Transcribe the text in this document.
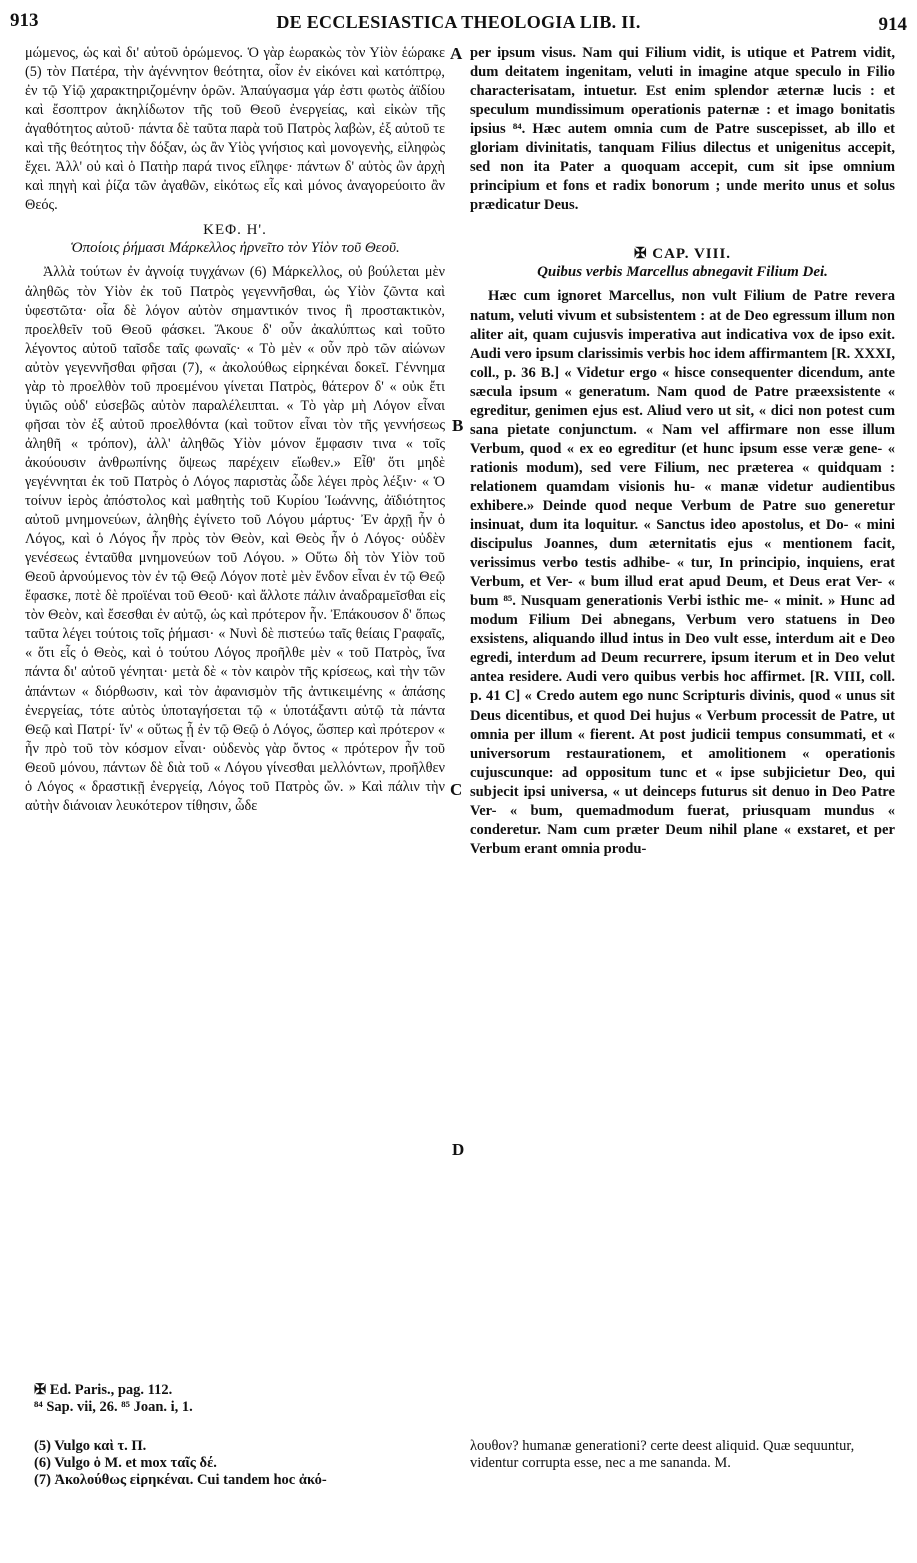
913	DE ECCLESIASTICA THEOLOGIA LIB. II.	914
A
B
C
D

μώμενος, ὡς καὶ δι' αὐτοῦ ὁρώμενος. Ὁ γὰρ ἑωρακὼς τὸν Υἱὸν ἑώρακε (5) τὸν Πατέρα, τὴν ἀγέννητον θεότητα, οἷον ἐν εἰκόνει καὶ κατόπτρῳ, ἐν τῷ Υἱῷ χαρακτηριζομένην ὁρῶν. Ἀπαύγασμα γάρ ἐστι φωτὸς ἀϊδίου καὶ ἔσοπτρον ἀκηλίδωτον τῆς τοῦ Θεοῦ ἐνεργείας, καὶ εἰκὼν τῆς ἀγαθότητος αὐτοῦ· πάντα δὲ ταῦτα παρὰ τοῦ Πατρὸς λαβὼν, ἐξ αὐτοῦ τε καὶ τῆς θεότητος τὴν δόξαν, ὡς ἂν Υἱὸς γνήσιος καὶ μονογενὴς, εἰληφὼς ἔχει. Ἀλλ' οὐ καὶ ὁ Πατὴρ παρά τινος εἴληφε· πάντων δ' αὐτὸς ὢν ἀρχὴ καὶ πηγὴ καὶ ῥίζα τῶν ἀγαθῶν, εἰκότως εἷς καὶ μόνος ἀναγορεύοιτο ἂν Θεός.

ΚΕΦ. Η'.

Ὁποίοις ῥήμασι Μάρκελλος ἠρνεῖτο τὸν Υἱὸν τοῦ Θεοῦ.

Ἀλλὰ τούτων ἐν ἀγνοίᾳ τυγχάνων (6) Μάρκελλος, οὐ βούλεται μὲν ἀληθῶς τὸν Υἱὸν ἐκ τοῦ Πατρὸς γεγεννῆσθαι, ὡς Υἱὸν ζῶντα καὶ ὑφεστῶτα· οἷα δὲ λόγον αὐτὸν σημαντικόν τινος ἢ προστακτικὸν, προελθεῖν τοῦ Θεοῦ φάσκει. Ἄκουε δ' οὖν ἀκαλύπτως καὶ τοῦτο λέγοντος αὐτοῦ ταῖσδε ταῖς φωναῖς· « Τὸ μὲν « οὖν πρὸ τῶν αἰώνων αὐτὸν γεγεννῆσθαι φῆσαι (7), « ἀκολούθως εἰρηκέναι δοκεῖ. Γέννημα γὰρ τὸ προελθὸν τοῦ προεμένου γίνεται Πατρὸς, θάτερον δ' « οὐκ ἔτι ὑγιῶς οὐδ' εὐσεβῶς αὐτὸν παραλέλειπται. « Τὸ γὰρ μὴ Λόγον εἶναι φῆσαι τὸν ἐξ αὐτοῦ προελθόντα (καὶ τοῦτον εἶναι τὸν τῆς γεννήσεως ἀληθῆ « τρόπον), ἀλλ' ἀληθῶς Υἱὸν μόνον ἔμφασιν τινα « τοῖς ἀκούουσιν ἀνθρωπίνης ὄψεως παρέχειν εἴωθεν.» Εἶθ' ὅτι μηδὲ γεγέννηται ἐκ τοῦ Πατρὸς ὁ Λόγος παριστὰς ὧδε λέγει πρὸς λέξιν· « Ὁ τοίνυν ἱερὸς ἀπόστολος καὶ μαθητὴς τοῦ Κυρίου Ἰωάννης, ἀϊδιότητος αὐτοῦ μνημονεύων, ἀληθὴς ἐγίνετο τοῦ Λόγου μάρτυς· Ἐν ἀρχῇ ἦν ὁ Λόγος, καὶ ὁ Λόγος ἦν πρὸς τὸν Θεὸν, καὶ Θεὸς ἦν ὁ Λόγος· οὐδὲν γενέσεως ἐνταῦθα μνημονεύων τοῦ Λόγου. » Οὕτω δὴ τὸν Υἱὸν τοῦ Θεοῦ ἀρνούμενος τὸν ἐν τῷ Θεῷ Λόγον ποτὲ μὲν ἔνδον εἶναι ἐν τῷ Θεῷ ἔφασκε, ποτὲ δὲ προϊέναι τοῦ Θεοῦ· καὶ ἄλλοτε πάλιν ἀναδραμεῖσθαι εἰς τὸν Θεὸν, καὶ ἔσεσθαι ἐν αὐτῷ, ὡς καὶ πρότερον ἦν. Ἐπάκουσον δ' ὅπως ταῦτα λέγει τούτοις τοῖς ῥήμασι· « Νυνὶ δὲ πιστεύω ταῖς θείαις Γραφαῖς, « ὅτι εἷς ὁ Θεὸς, καὶ ὁ τούτου Λόγος προῆλθε μὲν « τοῦ Πατρὸς, ἵνα πάντα δι' αὐτοῦ γένηται· μετὰ δὲ « τὸν καιρὸν τῆς κρίσεως, καὶ τὴν τῶν ἁπάντων « διόρθωσιν, καὶ τὸν ἀφανισμὸν τῆς ἀντικειμένης « ἁπάσης ἐνεργείας, τότε αὐτὸς ὑποταγήσεται τῷ « ὑποτάξαντι αὐτῷ τὰ πάντα Θεῷ καὶ Πατρί· ἵν' « οὕτως ᾖ ἐν τῷ Θεῷ ὁ Λόγος, ὥσπερ καὶ πρότερον « ἦν πρὸ τοῦ τὸν κόσμον εἶναι· οὐδενὸς γὰρ ὄντος « πρότερον ἦν τοῦ Θεοῦ μόνου, πάντων δὲ διὰ τοῦ « Λόγου γίνεσθαι μελλόντων, προῆλθεν ὁ Λόγος « δραστικῇ ἐνεργείᾳ, Λόγος τοῦ Πατρὸς ὤν. » Καὶ πάλιν τὴν αὐτὴν διάνοιαν λευκότερον τίθησιν, ὧδε

per ipsum visus. Nam qui Filium vidit, is utique et Patrem vidit, dum deitatem ingenitam, veluti in imagine atque speculo in Filio characterisatam, intuetur. Est enim splendor æternæ lucis : et speculum mundissimum operationis paternæ : et imago bonitatis ipsius ⁸⁴. Hæc autem omnia cum de Patre suscepisset, ab illo et gloriam divinitatis, tanquam Filius dilectus et unigenitus accepit, sed non ita Pater a quoquam accepit, cum sit ipse omnium principium et fons et radix bonorum ; unde merito unus et solus prædicatur Deus.

✠ CAP. VIII.

Quibus verbis Marcellus abnegavit Filium Dei.

Hæc cum ignoret Marcellus, non vult Filium de Patre revera natum, veluti vivum et subsistentem : at de Deo egressum illum non aliter ait, quam cujusvis imperativa aut indicativa vox de ipso exit. Audi vero ipsum clarissimis verbis hoc idem affirmantem [R. XXXI, coll., p. 36 B.] « Videtur ergo « hisce consequenter dicendum, ante sæcula ipsum « generatum. Nam quod de Patre præexsistente « egreditur, genimen ejus est. Aliud vero ut sit, « dici non potest cum sana pietate conjunctum. « Nam vel affirmare non esse illum Verbum, quod « ex eo egreditur (et hunc ipsum esse veræ gene- « rationis modum), sed vere Filium, nec præterea « quidquam : relationem quamdam visionis hu- « manæ videtur audientibus exhibere.» Deinde quod neque Verbum de Patre suo generetur insinuat, dum ita loquitur. « Sanctus ideo apostolus, et Do- « mini discipulus Joannes, dum æternitatis ejus « mentionem facit, verissimus verbo testis adhibe- « tur, In principio, inquiens, erat Verbum, et Ver- « bum illud erat apud Deum, et Deus erat Ver- « bum ⁸⁵. Nusquam generationis Verbi isthic me- « minit. » Hunc ad modum Filium Dei abnegans, Verbum vero statuens in Deo exsistens, aliquando illud intus in Deo vult esse, interdum ait e Deo egredi, interdum ad Deum recurrere, ipsum iterum et in Deo velut antea residere. Audi vero quibus verbis hoc affirmet. [R. VIII, coll. p. 41 C] « Credo autem ego nunc Scripturis divinis, quod « unus sit Deus dicentibus, et quod Dei hujus « Verbum processit de Patre, ut omnia per illum « fierent. At post judicii tempus consummati, et « universorum restaurationem, et amolitionem « operationis cujuscunque: ad oppositum tunc et « ipse subjicietur Deo, qui subjecit ipsi universa, « ut deinceps futurus sit denuo in Deo Patre Ver- « bum, quemadmodum fuerat, priusquam mundus « conderetur. Nam cum præter Deum nihil plane « exstaret, et per Verbum erant omnia produ-

✠ Ed. Paris., pag. 112.

⁸⁴ Sap. vii, 26. ⁸⁵ Joan. i, 1.

(5) Vulgo καὶ τ. Π.

(6) Vulgo ὁ Μ. et mox ταῖς δέ.

(7) Ἀκολούθως εἰρηκέναι. Cui tandem hoc ἀκό-

λουθον? humanæ generationi? certe deest aliquid. Quæ sequuntur, videntur corrupta esse, nec a me sananda. M.
